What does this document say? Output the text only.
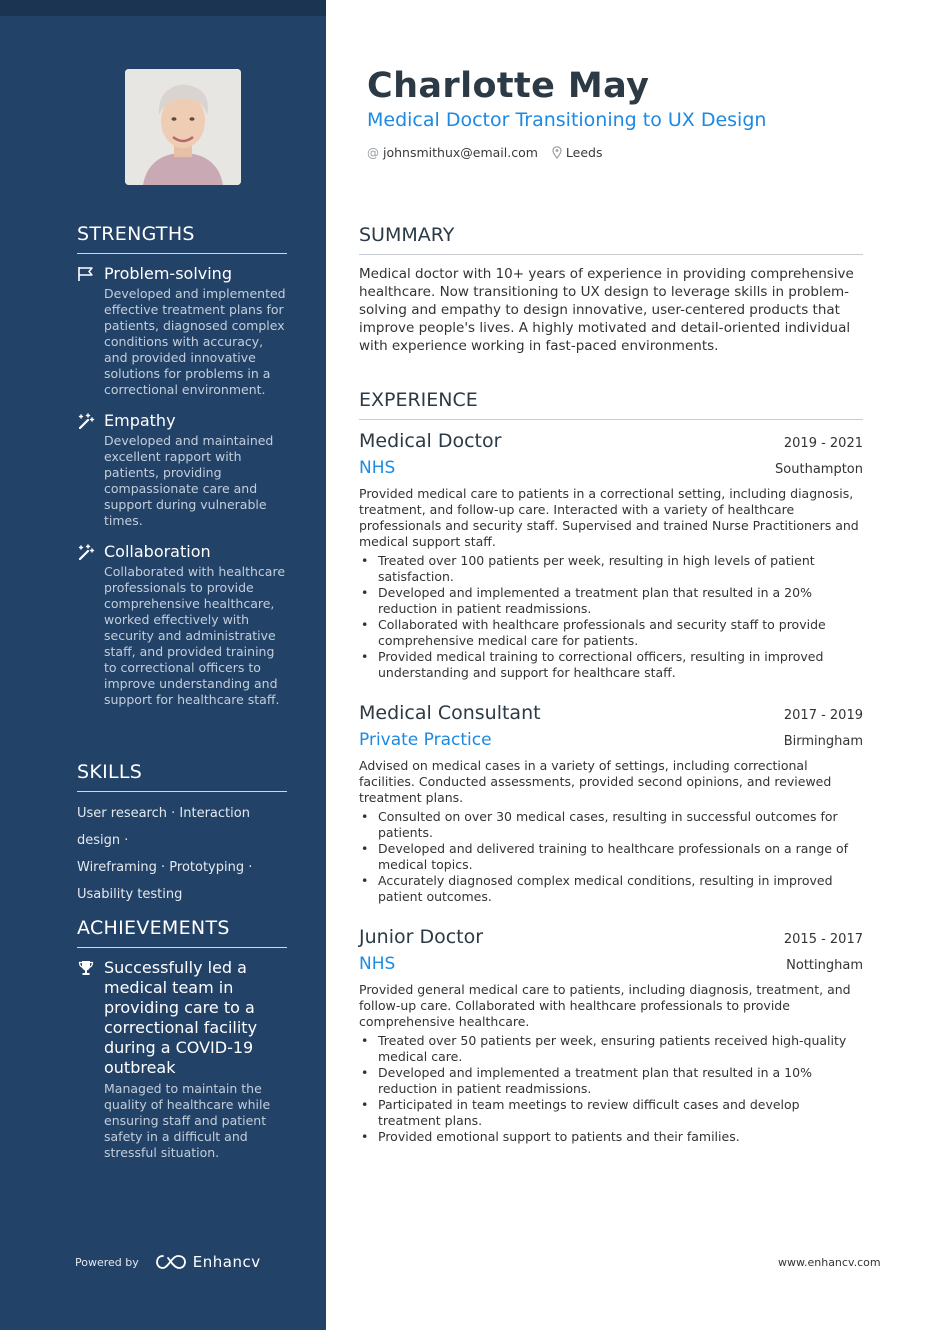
STRENGTHS
Problem-solving
Developed and implemented effective treatment plans for patients, diagnosed complex conditions with accuracy, and provided innovative solutions for problems in a correctional environment.
Empathy
Developed and maintained excellent rapport with patients, providing compassionate care and support during vulnerable times.
Collaboration
Collaborated with healthcare professionals to provide comprehensive healthcare, worked effectively with security and administrative staff, and provided training to correctional officers to improve understanding and support for healthcare staff.
SKILLS
User research · Interaction design ·
Wireframing · Prototyping ·
Usability testing
ACHIEVEMENTS
Successfully led a medical team in providing care to a correctional facility during a COVID-19 outbreak
Managed to maintain the quality of healthcare while ensuring staff and patient safety in a difficult and stressful situation.
Powered by	Enhancv
Charlotte May
Medical Doctor Transitioning to UX Design
@ johnsmithux@email.com Leeds
SUMMARY
Medical doctor with 10+ years of experience in providing comprehensive healthcare. Now transitioning to UX design to leverage skills in problem-solving and empathy to design innovative, user-centered products that improve people's lives. A highly motivated and detail-oriented individual with experience working in fast-paced environments.
EXPERIENCE
Medical Doctor	2019 - 2021
NHS	Southampton
Provided medical care to patients in a correctional setting, including diagnosis, treatment, and follow-up care. Interacted with a variety of healthcare professionals and security staff. Supervised and trained Nurse Practitioners and medical support staff.
• Treated over 100 patients per week, resulting in high levels of patient satisfaction.
• Developed and implemented a treatment plan that resulted in a 20% reduction in patient readmissions.
• Collaborated with healthcare professionals and security staff to provide comprehensive medical care for patients.
• Provided medical training to correctional officers, resulting in improved understanding and support for healthcare staff.
Medical Consultant	2017 - 2019
Private Practice	Birmingham
Advised on medical cases in a variety of settings, including correctional facilities. Conducted assessments, provided second opinions, and reviewed treatment plans.
• Consulted on over 30 medical cases, resulting in successful outcomes for patients.
• Developed and delivered training to healthcare professionals on a range of medical topics.
• Accurately diagnosed complex medical conditions, resulting in improved patient outcomes.
Junior Doctor	2015 - 2017
NHS	Nottingham
Provided general medical care to patients, including diagnosis, treatment, and follow-up care. Collaborated with healthcare professionals to provide comprehensive healthcare.
• Treated over 50 patients per week, ensuring patients received high-quality medical care.
• Developed and implemented a treatment plan that resulted in a 10% reduction in patient readmissions.
• Participated in team meetings to review difficult cases and develop treatment plans.
• Provided emotional support to patients and their families.
www.enhancv.com
